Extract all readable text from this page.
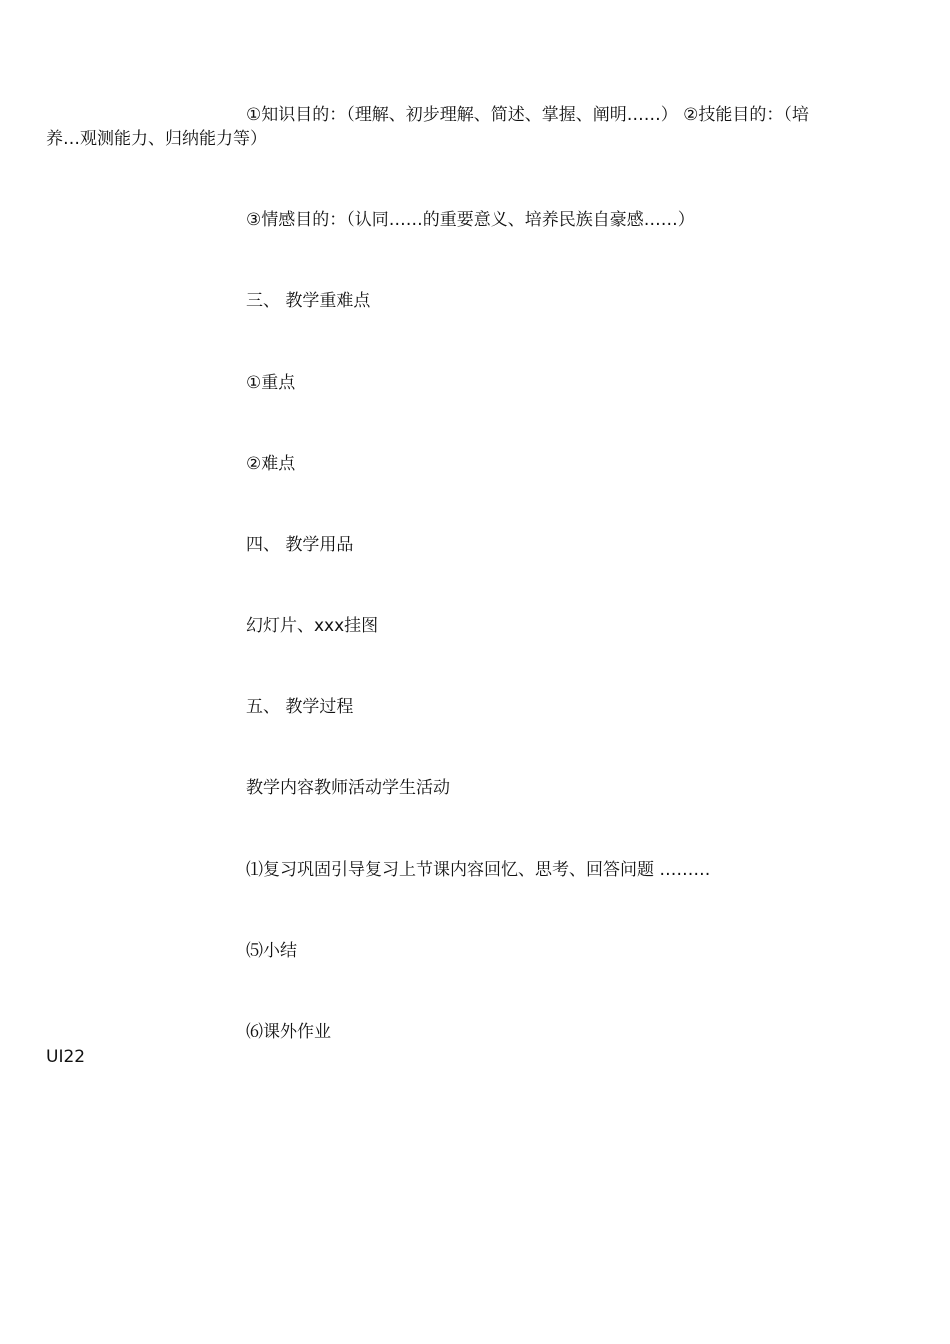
①知识目的：（理解、初步理解、简述、掌握、阐明……） ②技能目的：（培
养…观测能力、归纳能力等）
③情感目的：（认同……的重要意义、培养民族自豪感……）
三、 教学重难点
①重点
②难点
四、 教学用品
幻灯片、xxx挂图
五、 教学过程
教学内容教师活动学生活动
⑴复习巩固引导复习上节课内容回忆、思考、回答问题 ………
⑸小结
⑹课外作业
UI22
